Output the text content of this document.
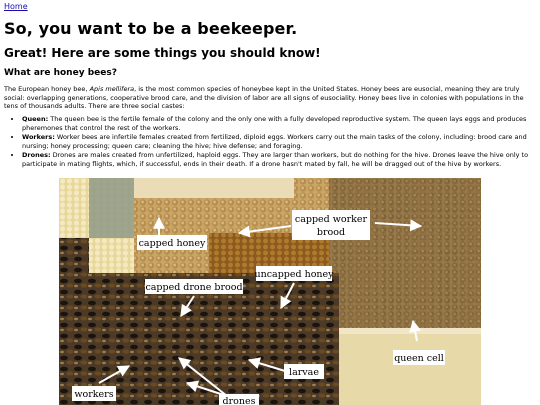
Home
So, you want to be a beekeeper.
Great! Here are some things you should know!
What are honey bees?

The European honey bee, Apis mellifera, is the most common species of honeybee kept in the United States. Honey bees are eusocial, meaning they are truly social: overlapping generations, cooperative brood care, and the division of labor are all signs of eusociality. Honey bees live in colonies with populations in the tens of thousands adults. There are three social castes:

• Queen: The queen bee is the fertile female of the colony and the only one with a fully developed reproductive system. The queen lays eggs and produces pheremones that control the rest of the workers.
• Workers: Worker bees are infertile females created from fertilized, diploid eggs. Workers carry out the main tasks of the colony, including: brood care and nursing; honey processing; queen care; cleaning the hive; hive defense; and foraging.
• Drones: Drones are males created from unfertilized, haploid eggs. They are larger than workers, but do nothing for the hive. Drones leave the hive only to participate in mating flights, which, if successful, ends in their death. If a drone hasn't mated by fall, he will be dragged out of the hive by workers.
capped worker
brood
capped honey
uncapped honey
capped drone brood
queen cell
larvae
workers
drones
